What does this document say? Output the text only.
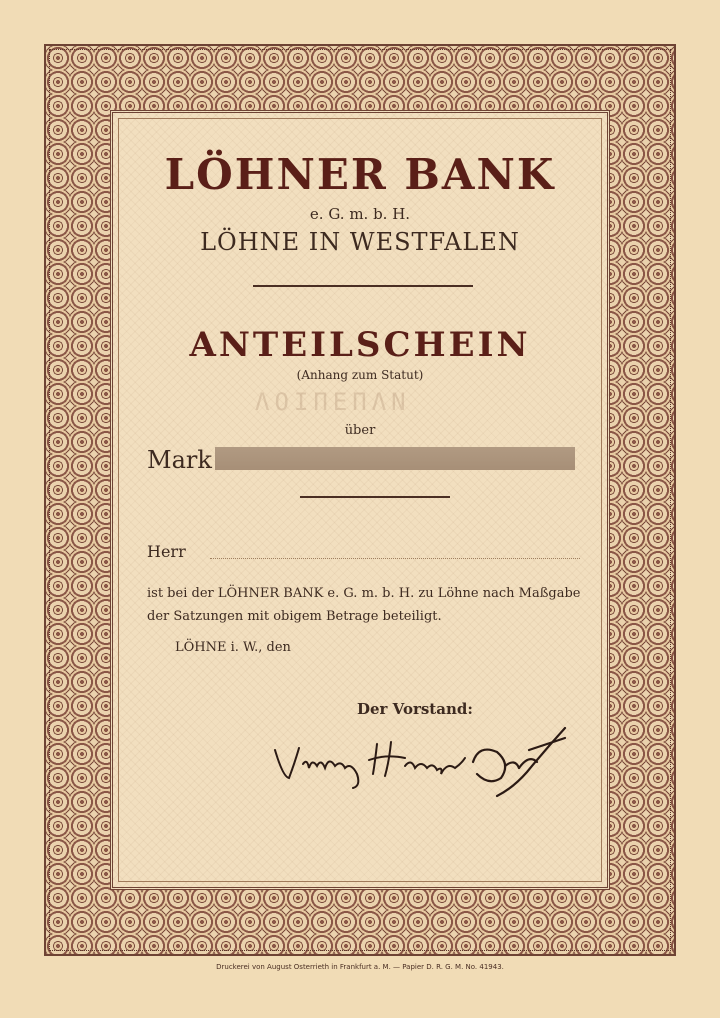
LÖHNER BANK
e. G. m. b. H.
LÖHNE IN WESTFALEN
ANTEILSCHEIN
(Anhang zum Statut)
ΛΟΙΠΕΠΛΝ
über
Mark
Herr
ist bei der LÖHNER BANK e. G. m. b. H. zu Löhne nach Maßgabe der Satzungen mit obigem Betrage beteiligt.
LÖHNE i. W., den
Der Vorstand:
Druckerei von August Osterrieth in Frankfurt a. M. — Papier D. R. G. M. No. 41943.
